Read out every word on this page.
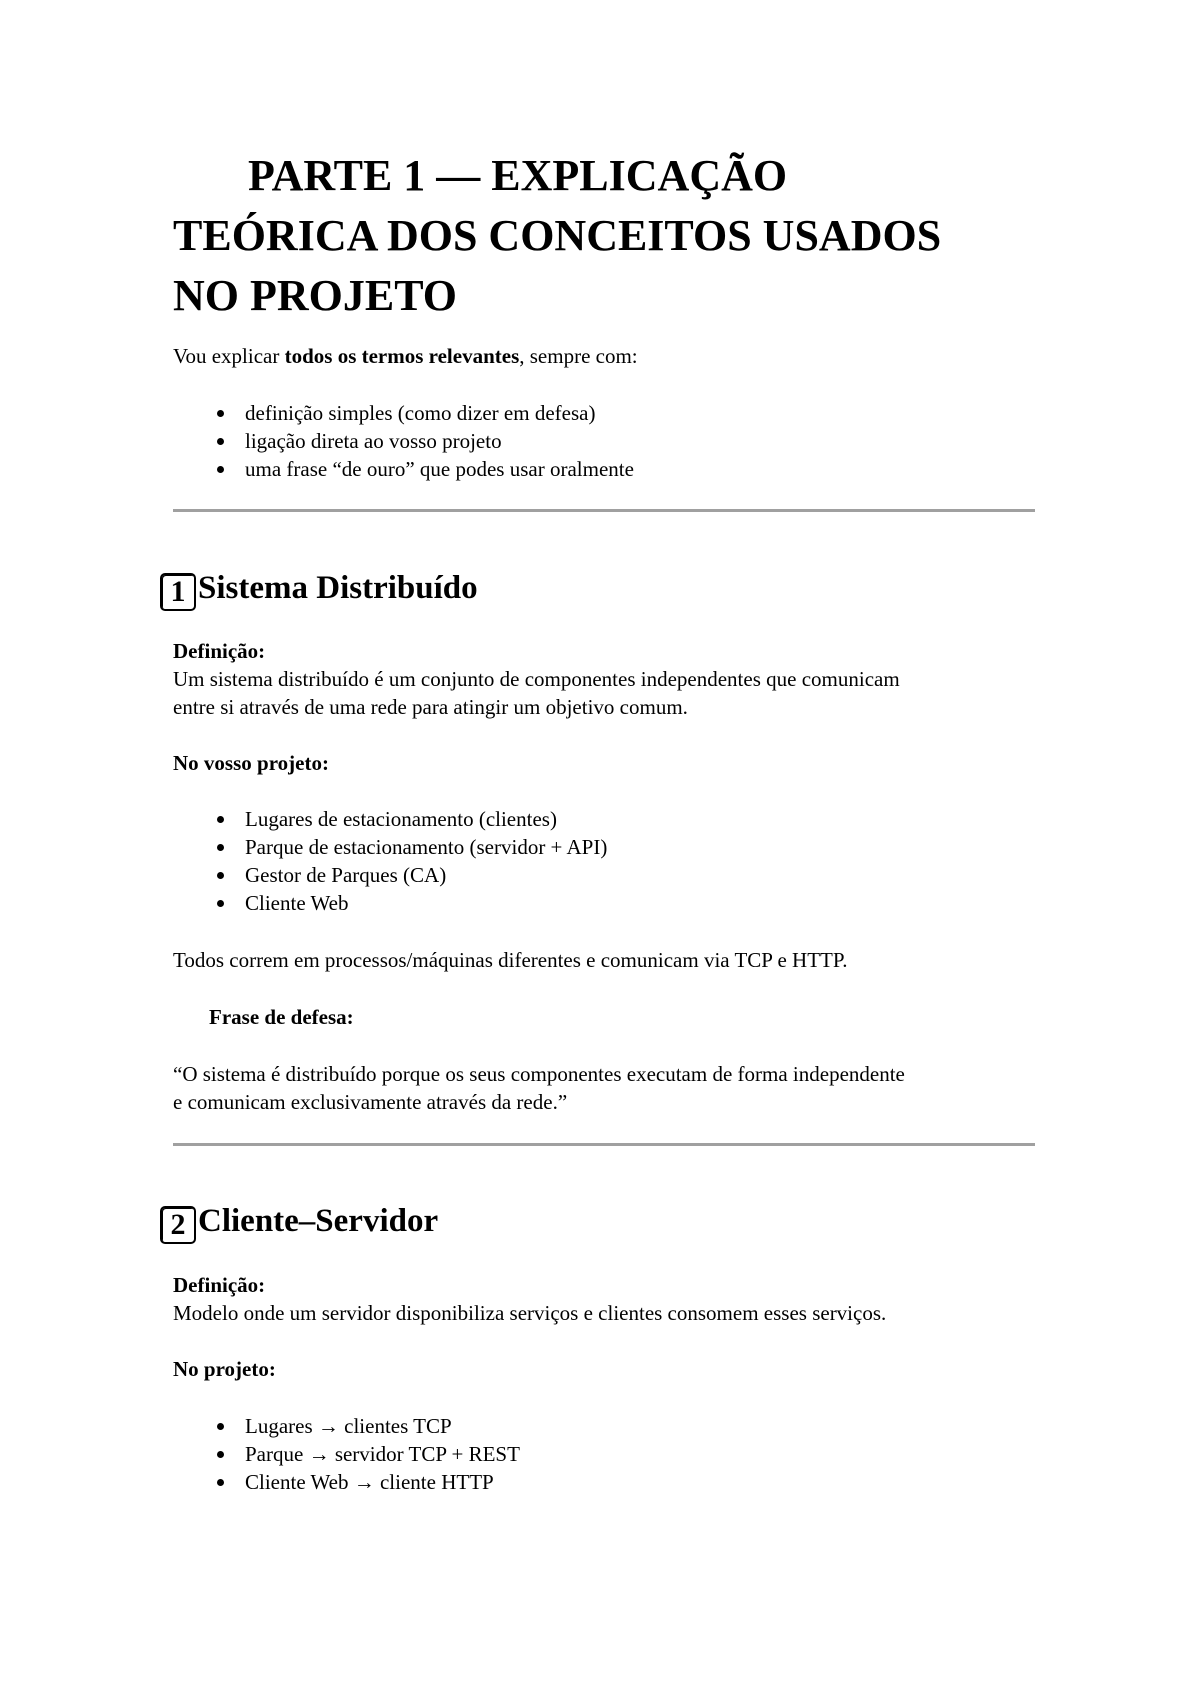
PARTE 1 — EXPLICAÇÃO
TEÓRICA DOS CONCEITOS USADOS
NO PROJETO

Vou explicar todos os termos relevantes, sempre com:

definição simples (como dizer em defesa)
ligação direta ao vosso projeto
uma frase “de ouro” que podes usar oralmente
1 Sistema Distribuído

Definição:

Um sistema distribuído é um conjunto de componentes independentes que comunicam

entre si através de uma rede para atingir um objetivo comum.

No vosso projeto:

Lugares de estacionamento (clientes)
Parque de estacionamento (servidor + API)
Gestor de Parques (CA)
Cliente Web

Todos correm em processos/máquinas diferentes e comunicam via TCP e HTTP.

Frase de defesa:

“O sistema é distribuído porque os seus componentes executam de forma independente

e comunicam exclusivamente através da rede.”

2 Cliente–Servidor

Definição:

Modelo onde um servidor disponibiliza serviços e clientes consomem esses serviços.

No projeto:

Lugares → clientes TCP
Parque → servidor TCP + REST
Cliente Web → cliente HTTP
